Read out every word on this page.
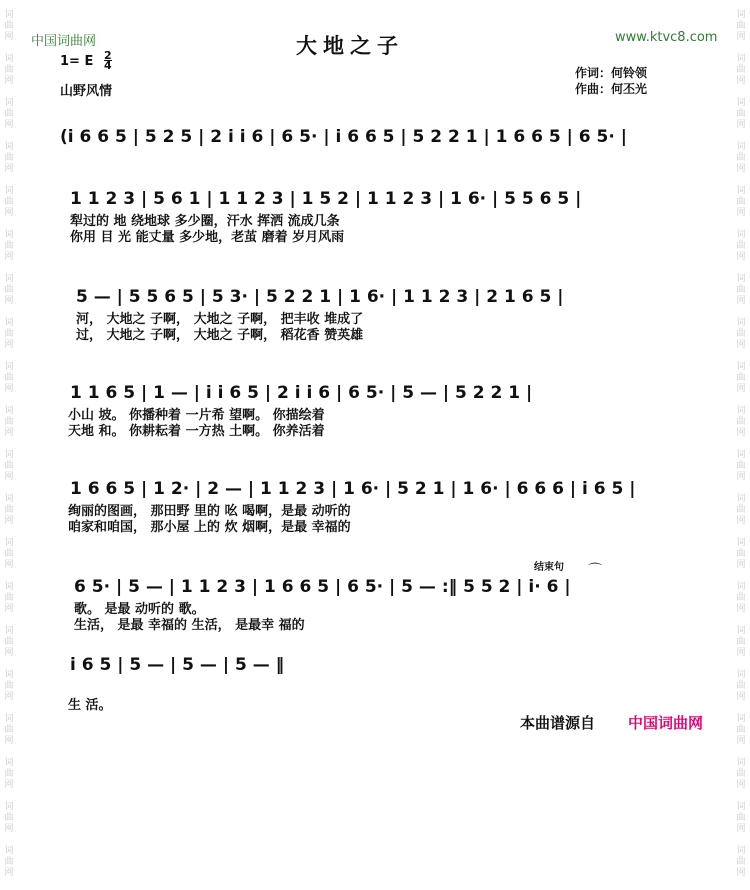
词
曲
网

词
曲
网

词
曲
网

词
曲
网

词
曲
网

词
曲
网

词
曲
网

词
曲
网

词
曲
网

词
曲
网

词
曲
网

词
曲
网

词
曲
网

词
曲
网

词
曲
网

词
曲
网

词
曲
网

词
曲
网

词
曲
网

词
曲
网

词
曲
网

词
曲
网

词
曲
网

词
曲
网

词
曲
网

词
曲
网

词
曲
网

词
曲
网

词
曲
网

词
曲
网

词
曲
网

词
曲
网

词
曲
网

词
曲
网

词
曲
网

词
曲
网

词
曲
网

词
曲
网

词
曲
网

词
曲
网

中国词曲网	www.ktvc8.com
大地之子
1= E 2
4
山野风情
作词：何铃领
作曲：何丕光
(i 6 6 5 | 5 2 5 | 2 i i 6 | 6 5· | i 6 6 5 | 5 2 2 1 | 1 6 6 5 | 6 5· |
1 1 2 3 | 5 6 1 | 1 1 2 3 | 1 5 2 | 1 1 2 3 | 1 6· | 5 5 6 5 |
犁过的 地 绕地球 多少圈，汗水 挥洒 流成几条
你用 目 光 能丈量 多少地，老茧 磨着 岁月风雨
5 — | 5 5 6 5 | 5 3· | 5 2 2 1 | 1 6· | 1 1 2 3 | 2 1 6 5 |
河， 大地之 子啊， 大地之 子啊， 把丰收 堆成了
过， 大地之 子啊， 大地之 子啊， 稻花香 赞英雄
1 1 6 5 | 1 — | i i 6 5 | 2 i i 6 | 6 5· | 5 — | 5 2 2 1 |
小山 坡。 你播种着 一片希 望啊。 你描绘着
天地 和。 你耕耘着 一方热 土啊。 你养活着
1 6 6 5 | 1 2· | 2 — | 1 1 2 3 | 1 6· | 5 2 1 | 1 6· | 6 6 6 | i 6 5 |
绚丽的图画， 那田野 里的 吆 喝啊，是最 动听的
咱家和咱国， 那小屋 上的 炊 烟啊，是最 幸福的
结束句 ⌒
6 5· | 5 — | 1 1 2 3 | 1 6 6 5 | 6 5· | 5 — :‖ 5 5 2 | i· 6 |
歌。 是最 动听的 歌。
生活， 是最 幸福的 生活， 是最幸 福的
i 6 5 | 5 — | 5 — | 5 — ‖
生 活。
本曲谱源自 中国词曲网
